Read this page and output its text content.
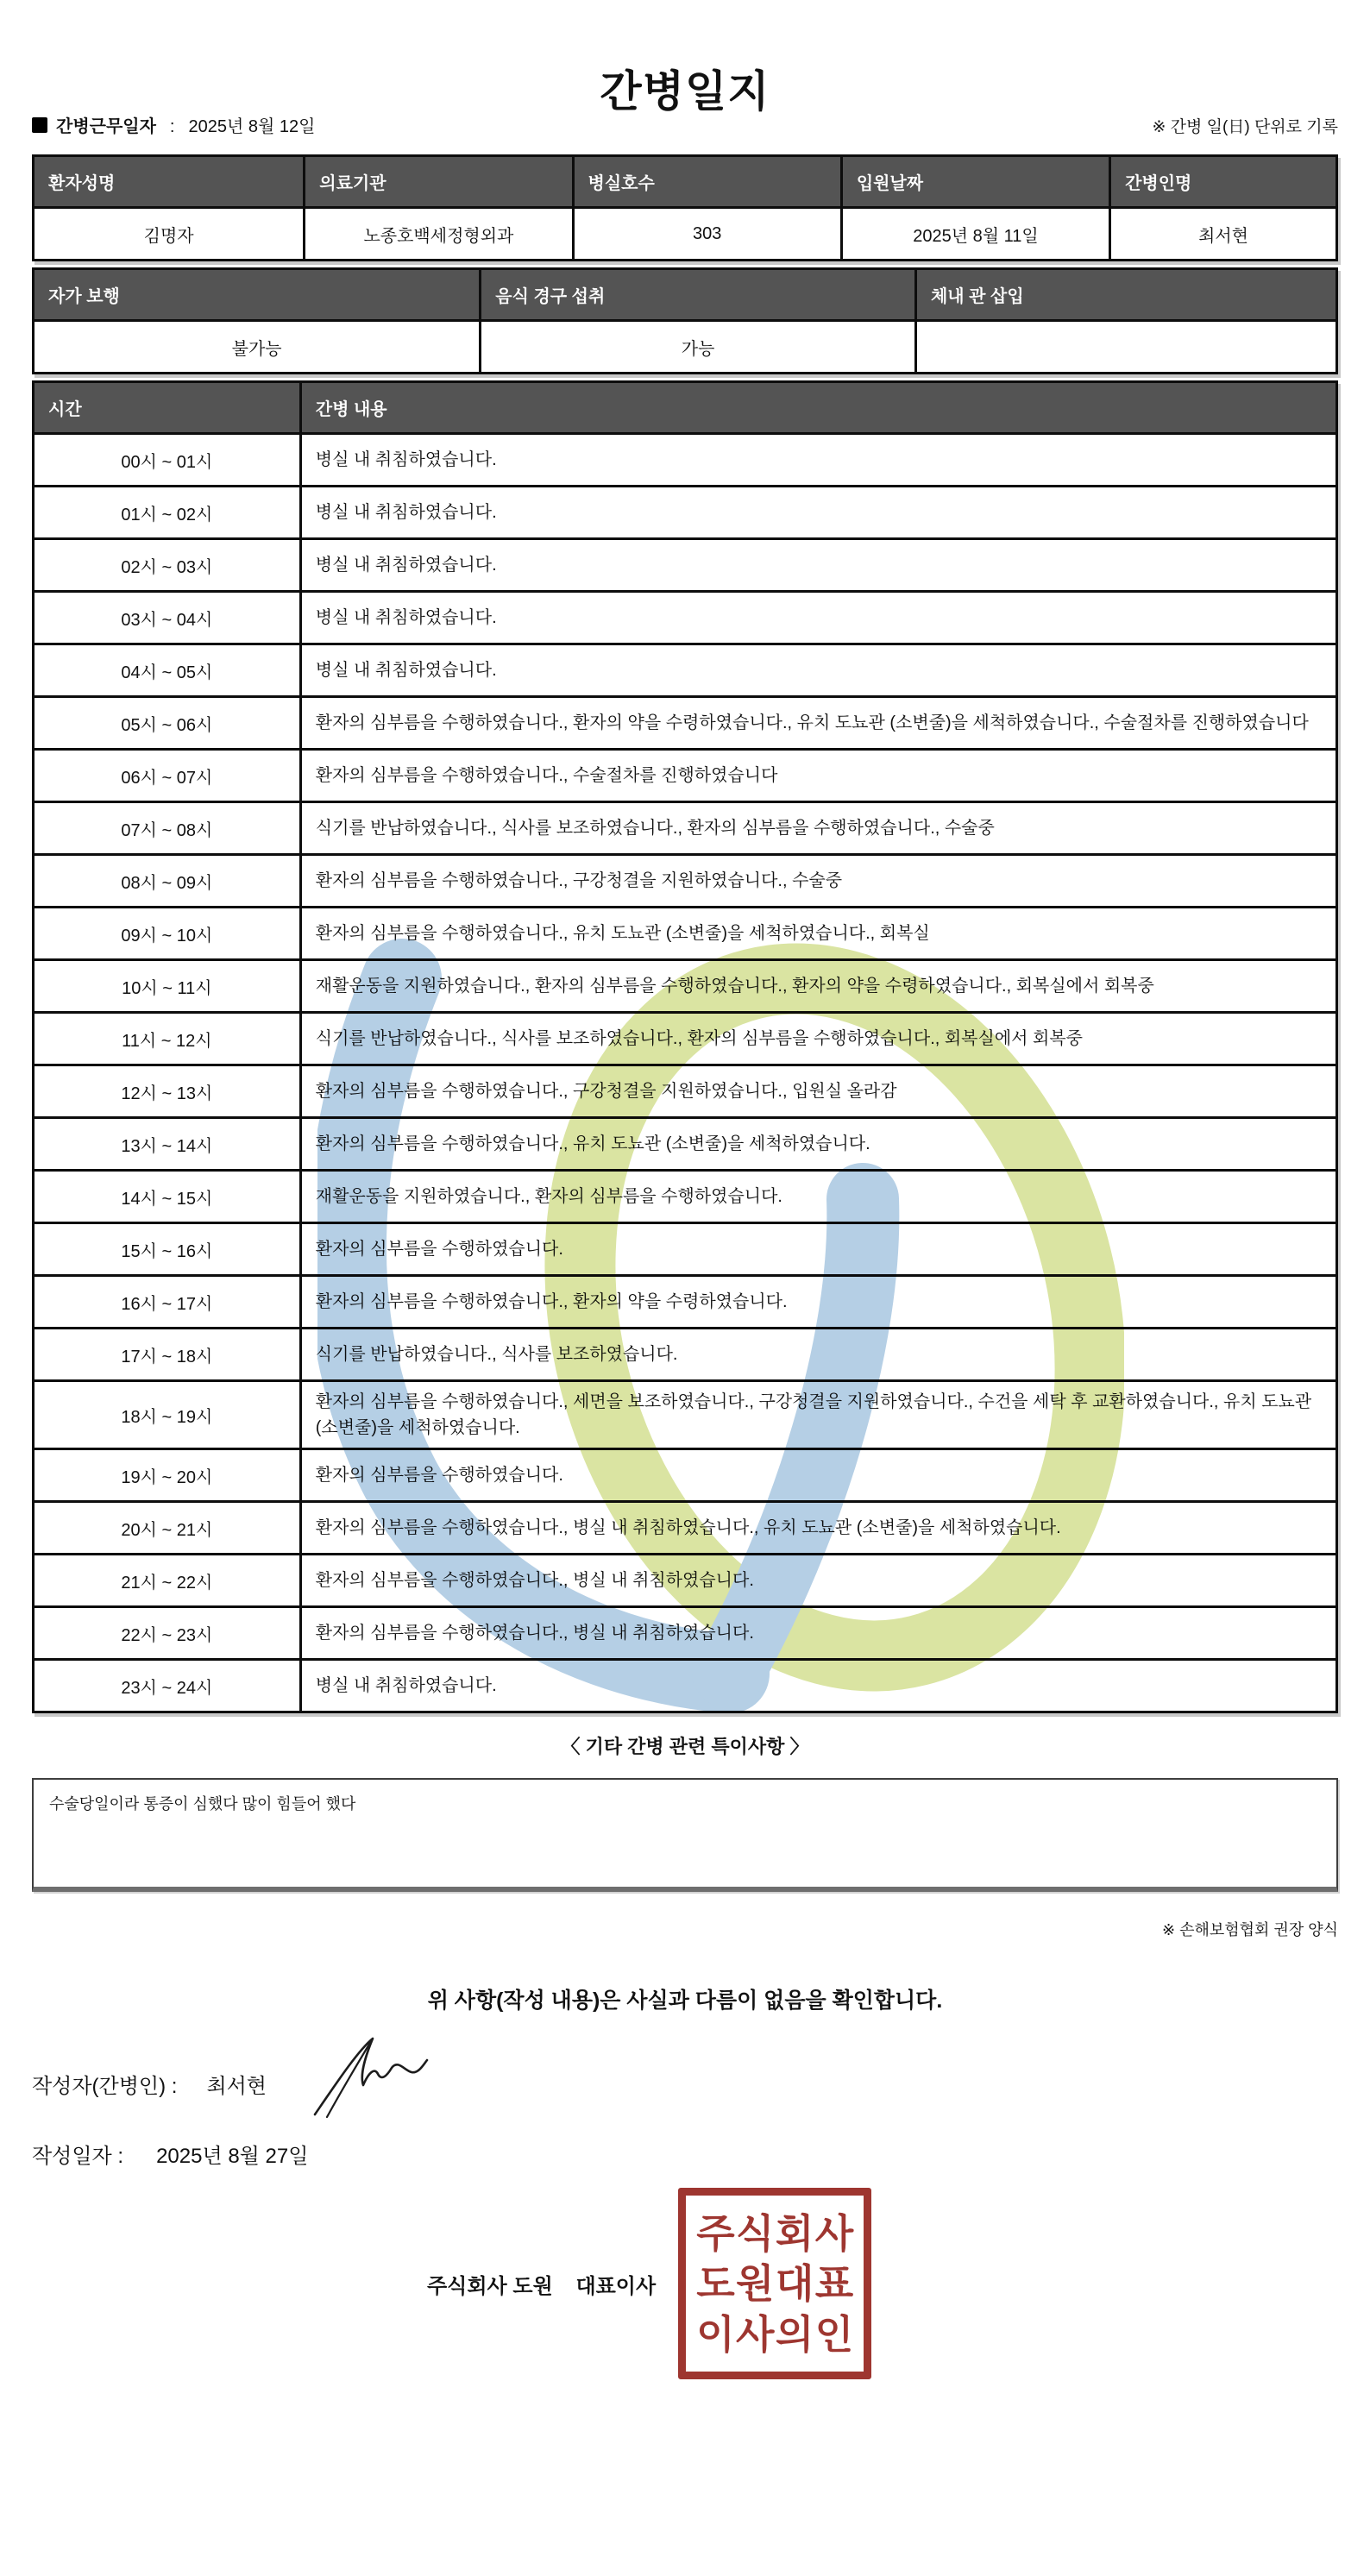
간병일지
간병근무일자 : 2025년 8월 12일	※ 간병 일(日) 단위로 기록
환자성명	의료기관	병실호수	입원날짜	간병인명
김명자	노종호백세정형외과	303	2025년 8월 11일	최서현
자가 보행	음식 경구 섭취	체내 관 삽입
불가능	가능	
시간	간병 내용
00시 ~ 01시	병실 내 취침하였습니다.
01시 ~ 02시	병실 내 취침하였습니다.
02시 ~ 03시	병실 내 취침하였습니다.
03시 ~ 04시	병실 내 취침하였습니다.
04시 ~ 05시	병실 내 취침하였습니다.
05시 ~ 06시	환자의 심부름을 수행하였습니다., 환자의 약을 수령하였습니다., 유치 도뇨관 (소변줄)을 세척하였습니다., 수술절차를 진행하였습니다
06시 ~ 07시	환자의 심부름을 수행하였습니다., 수술절차를 진행하였습니다
07시 ~ 08시	식기를 반납하였습니다., 식사를 보조하였습니다., 환자의 심부름을 수행하였습니다., 수술중
08시 ~ 09시	환자의 심부름을 수행하였습니다., 구강청결을 지원하였습니다., 수술중
09시 ~ 10시	환자의 심부름을 수행하였습니다., 유치 도뇨관 (소변줄)을 세척하였습니다., 회복실
10시 ~ 11시	재활운동을 지원하였습니다., 환자의 심부름을 수행하였습니다., 환자의 약을 수령하였습니다., 회복실에서 회복중
11시 ~ 12시	식기를 반납하였습니다., 식사를 보조하였습니다., 환자의 심부름을 수행하였습니다., 회복실에서 회복중
12시 ~ 13시	환자의 심부름을 수행하였습니다., 구강청결을 지원하였습니다., 입원실 올라감
13시 ~ 14시	환자의 심부름을 수행하였습니다., 유치 도뇨관 (소변줄)을 세척하였습니다.
14시 ~ 15시	재활운동을 지원하였습니다., 환자의 심부름을 수행하였습니다.
15시 ~ 16시	환자의 심부름을 수행하였습니다.
16시 ~ 17시	환자의 심부름을 수행하였습니다., 환자의 약을 수령하였습니다.
17시 ~ 18시	식기를 반납하였습니다., 식사를 보조하였습니다.
18시 ~ 19시	환자의 심부름을 수행하였습니다., 세면을 보조하였습니다., 구강청결을 지원하였습니다., 수건을 세탁 후 교환하였습니다., 유치 도뇨관 (소변줄)을 세척하였습니다.
19시 ~ 20시	환자의 심부름을 수행하였습니다.
20시 ~ 21시	환자의 심부름을 수행하였습니다., 병실 내 취침하였습니다., 유치 도뇨관 (소변줄)을 세척하였습니다.
21시 ~ 22시	환자의 심부름을 수행하였습니다., 병실 내 취침하였습니다.
22시 ~ 23시	환자의 심부름을 수행하였습니다., 병실 내 취침하였습니다.
23시 ~ 24시	병실 내 취침하였습니다.
〈 기타 간병 관련 특이사항 〉
수술당일이라 통증이 심했다 많이 힘들어 했다
※ 손해보험협회 권장 양식
위 사항(작성 내용)은 사실과 다름이 없음을 확인합니다.
작성자(간병인) : 최서현
작성일자 : 2025년 8월 27일
주식회사 도원    대표이사
주 식 회 사
도 원 대 표
이 사 의 인
